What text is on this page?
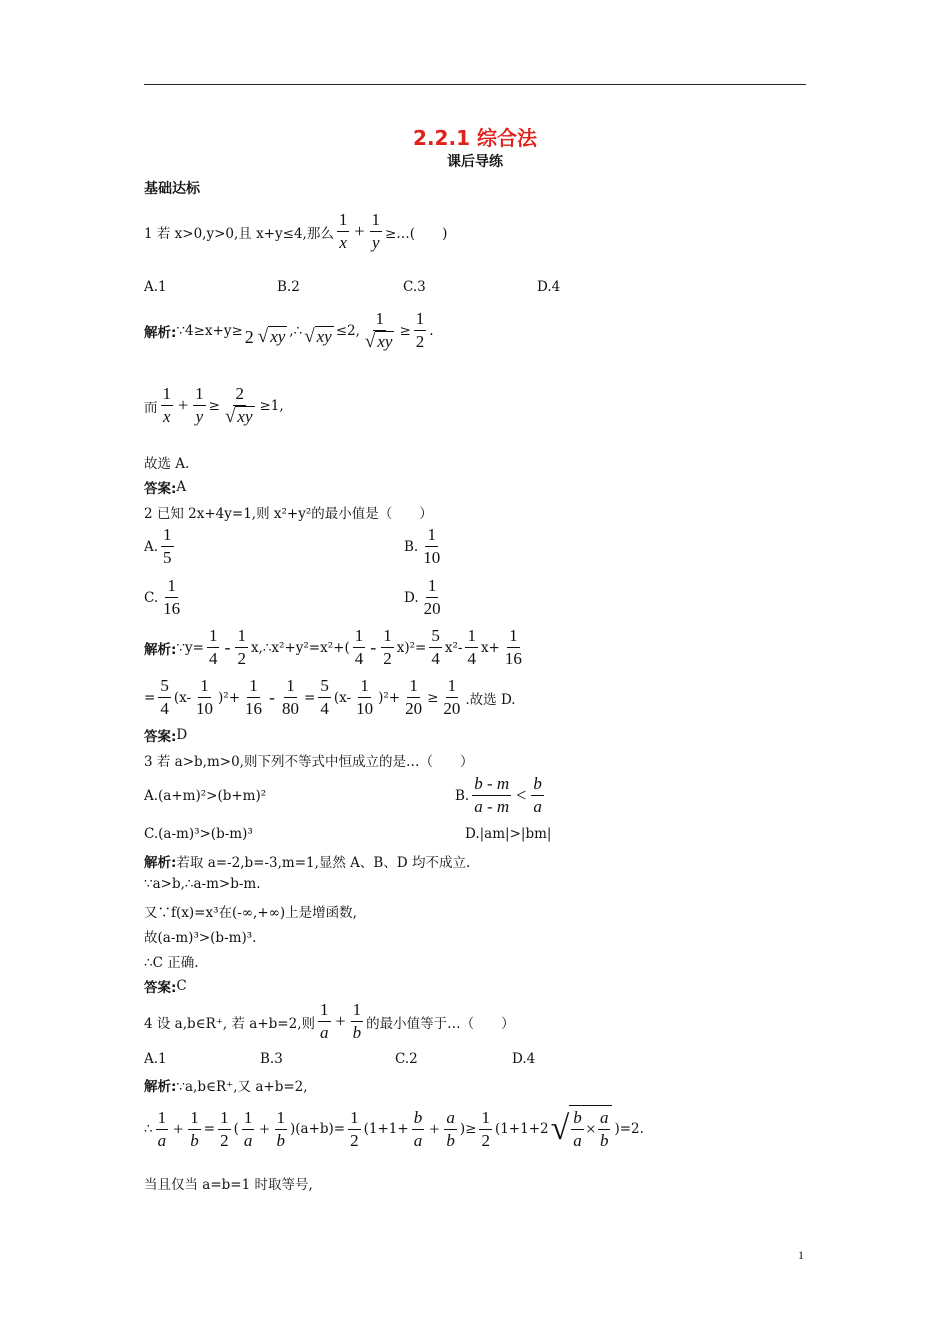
2.2.1 综合法
课后导练
基础达标
1 若 x>0,y>0,且 x+y≤4,那么 $\frac{1}{x} + \frac{1}{y}$ ≥…(　　)
A.1	B.2	C.3	D.4
解析: ∵4≥x+y≥ 2 √ xy ,∴ √ xy ≤2, $\frac{1}{√ xy} \ge \frac{1}{2}$ .
而 $\frac{1}{x} + \frac{1}{y} \ge \frac{2}{√ xy} \ge 1$,
故选 A.
答案: A
2 已知 2x+4y=1,则 x²+y²的最小值是（　　）
A. $\frac{1}{5}$	B. $\frac{1}{10}$
C. $\frac{1}{16}$	D. $\frac{1}{20}$
解析: ∵y= $\frac{1}{4} - \frac{1}{2}$ x,∴x²+y²=x²+( $\frac{1}{4} - \frac{1}{2} x)^2= \frac{5}{4} x^2- \frac{1}{4} x+ \frac{1}{16}$
= $\frac{5}{4} (x- \frac{1}{10} )^2+ \frac{1}{16} - \frac{1}{80} = \frac{5}{4} (x- \frac{1}{10} )^2+ \frac{1}{20} \ge \frac{1}{20}$ .故选 D.
答案: D
3 若 a>b,m>0,则下列不等式中恒成立的是…（　　）
A.(a+m)²>(b+m)²	B. $\frac{b - m}{a - m} < \frac{b}{a}$
C.(a-m)³>(b-m)³	D.|am|>|bm|
解析: 若取 a=-2,b=-3,m=1,显然 A、B、D 均不成立.
∵a>b,∴a-m>b-m.
又∵f(x)=x³在(-∞,+∞)上是增函数,
故(a-m)³>(b-m)³.
∴C 正确.
答案: C
4 设 a,b∈R⁺, 若 a+b=2,则 $\frac{1}{a} + \frac{1}{b}$ 的最小值等于…（　　）
A.1	B.3	C.2	D.4
解析: ∵a,b∈R⁺,又 a+b=2,
∴ $\frac{1}{a} + \frac{1}{b} = \frac{1}{2}$ ( $\frac{1}{a} + \frac{1}{b} )(a+b)= \frac{1}{2} (1+1+ \frac{b}{a} + \frac{a}{b}$ )≥ $\frac{1}{2} (1+1+2$ √ $\frac{b}{a} \times \frac{a}{b} )=2$.
当且仅当 a=b=1 时取等号,
1
